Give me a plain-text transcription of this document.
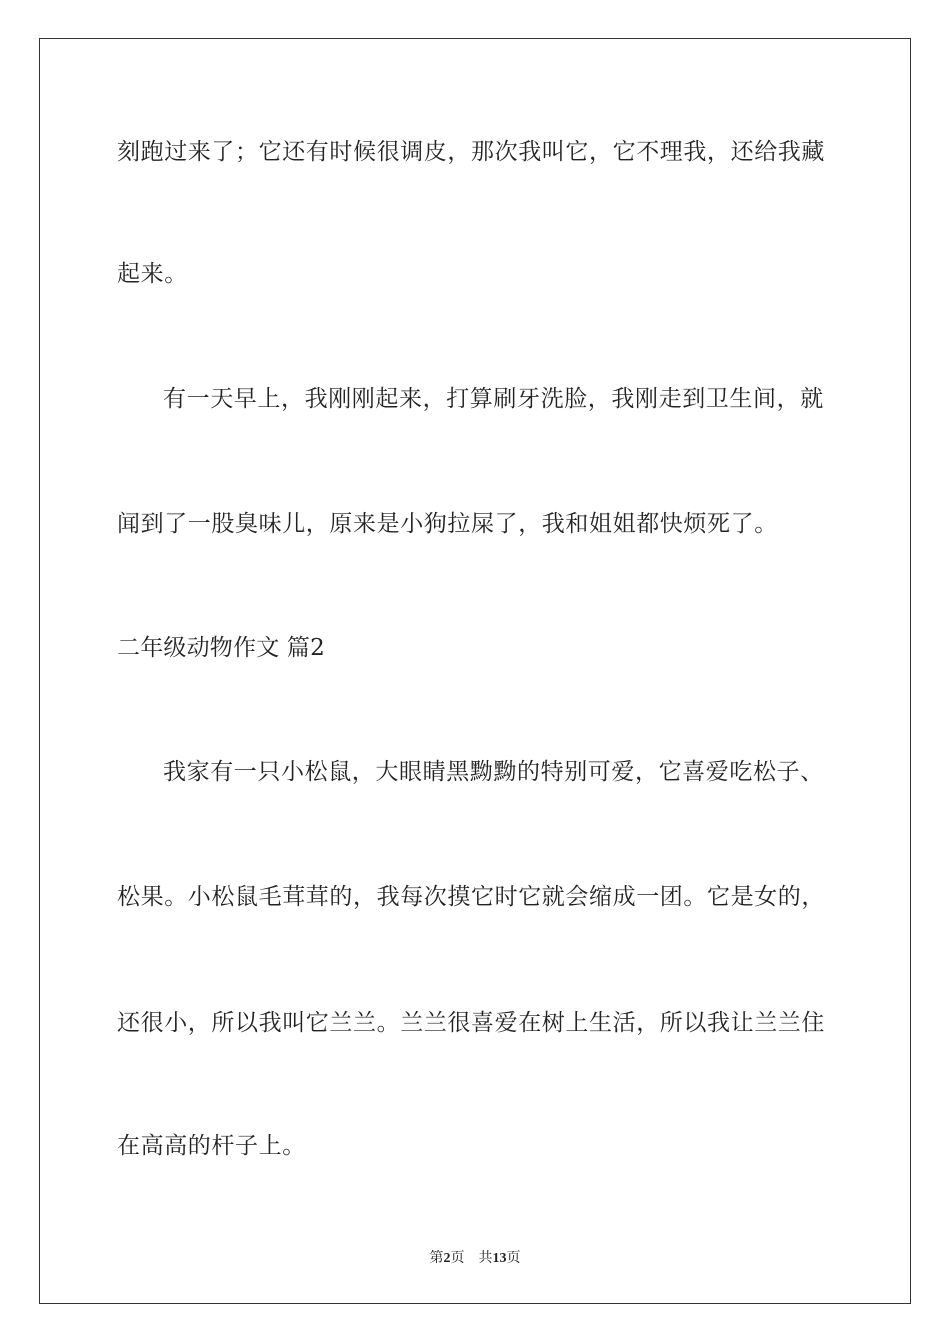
刻跑过来了；它还有时候很调皮，那次我叫它，它不理我，还给我藏
起来。
有一天早上，我刚刚起来，打算刷牙洗脸，我刚走到卫生间，就
闻到了一股臭味儿，原来是小狗拉屎了，我和姐姐都快烦死了。
二年级动物作文 篇2
我家有一只小松鼠，大眼睛黑黝黝的特别可爱，它喜爱吃松子、
松果。小松鼠毛茸茸的，我每次摸它时它就会缩成一团。它是女的，
还很小，所以我叫它兰兰。兰兰很喜爱在树上生活，所以我让兰兰住
在高高的杆子上。
第2页 共13页
